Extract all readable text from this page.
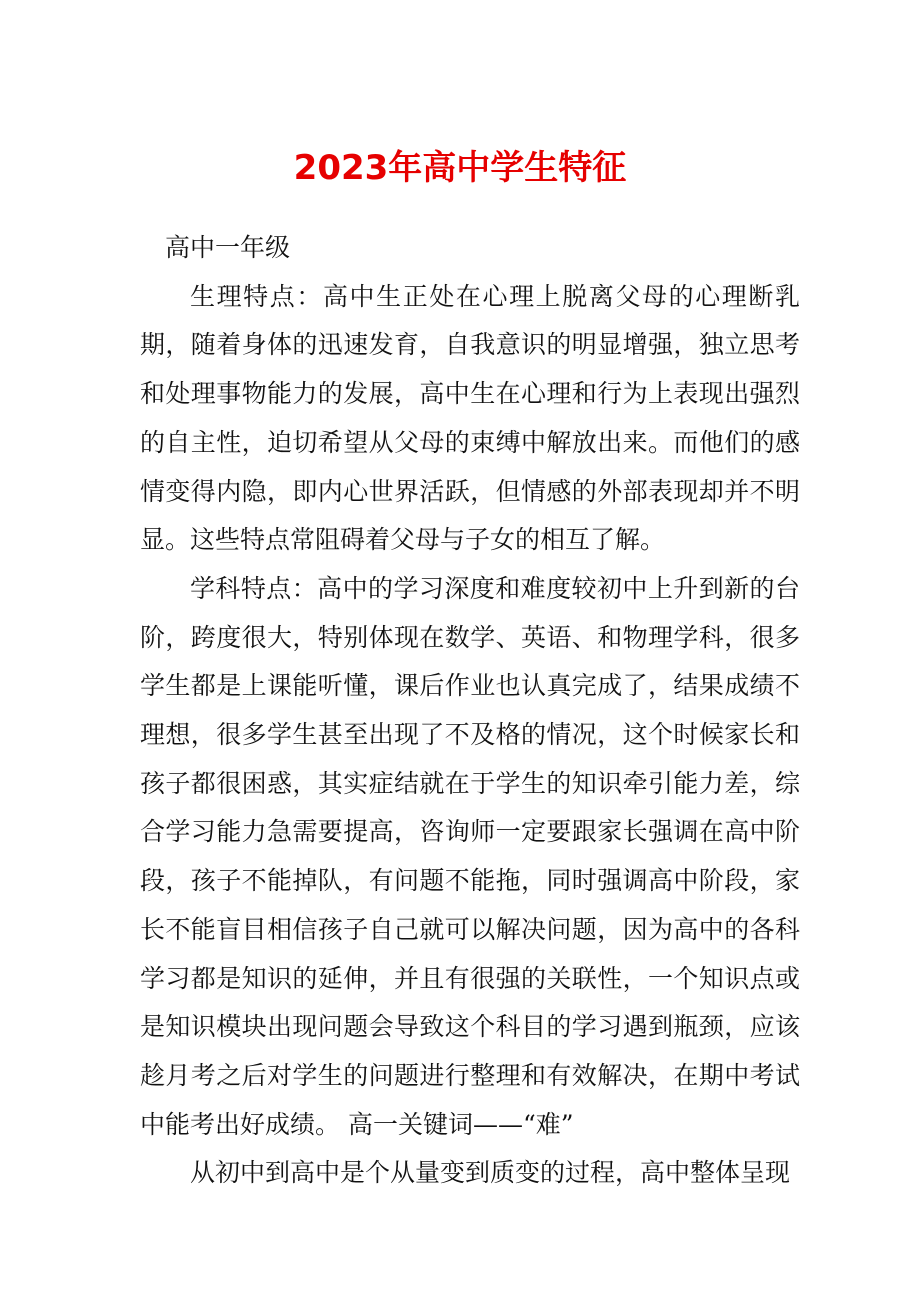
2023年高中学生特征

高中一年级

生理特点：高中生正处在心理上脱离父母的心理断乳期，随着身体的迅速发育，自我意识的明显增强，独立思考和处理事物能力的发展，高中生在心理和行为上表现出强烈的自主性，迫切希望从父母的束缚中解放出来。而他们的感情变得内隐，即内心世界活跃，但情感的外部表现却并不明显。这些特点常阻碍着父母与子女的相互了解。

学科特点：高中的学习深度和难度较初中上升到新的台阶，跨度很大，特别体现在数学、英语、和物理学科，很多学生都是上课能听懂，课后作业也认真完成了，结果成绩不理想，很多学生甚至出现了不及格的情况，这个时候家长和孩子都很困惑，其实症结就在于学生的知识牵引能力差，综合学习能力急需要提高，咨询师一定要跟家长强调在高中阶段，孩子不能掉队，有问题不能拖，同时强调高中阶段，家长不能盲目相信孩子自己就可以解决问题，因为高中的各科学习都是知识的延伸，并且有很强的关联性，一个知识点或是知识模块出现问题会导致这个科目的学习遇到瓶颈，应该趁月考之后对学生的问题进行整理和有效解决，在期中考试中能考出好成绩。 高一关键词——“难”

从初中到高中是个从量变到质变的过程，高中整体呈现
